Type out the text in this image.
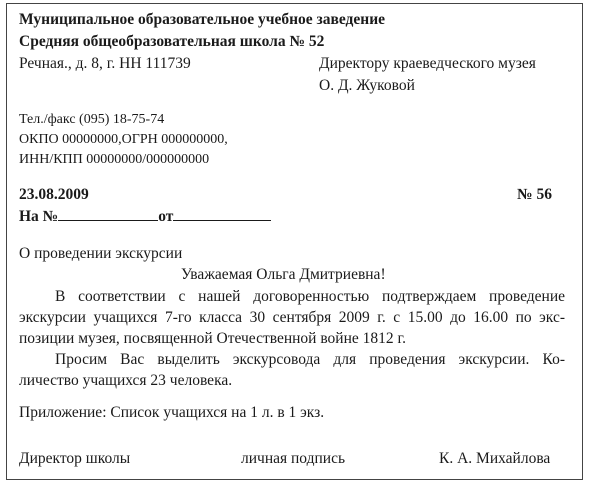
Муниципальное образовательное учебное заведение
Средняя общеобразовательная школа № 52
Речная., д. 8, г. НН 111739	Директору краеведческого музея
О. Д. Жуковой
Тел./факс (095) 18-75-74
ОКПО 00000000,ОГРН 000000000,
ИНН/КПП 00000000/000000000
23.08.2009	№ 56
На №	от
О проведении экскурсии
Уважаемая Ольга Дмитриевна!
В соответствии с нашей договоренностью подтверждаем проведение
экскурсии учащихся 7-го класса 30 сентября 2009 г. с 15.00 до 16.00 по экс-
позиции музея, посвященной Отечественной войне 1812 г.
Просим Вас выделить экскурсовода для проведения экскурсии. Ко-
личество учащихся 23 человека.
Приложение: Список учащихся на 1 л. в 1 экз.
Директор школы	личная подпись	К. А. Михайлова
